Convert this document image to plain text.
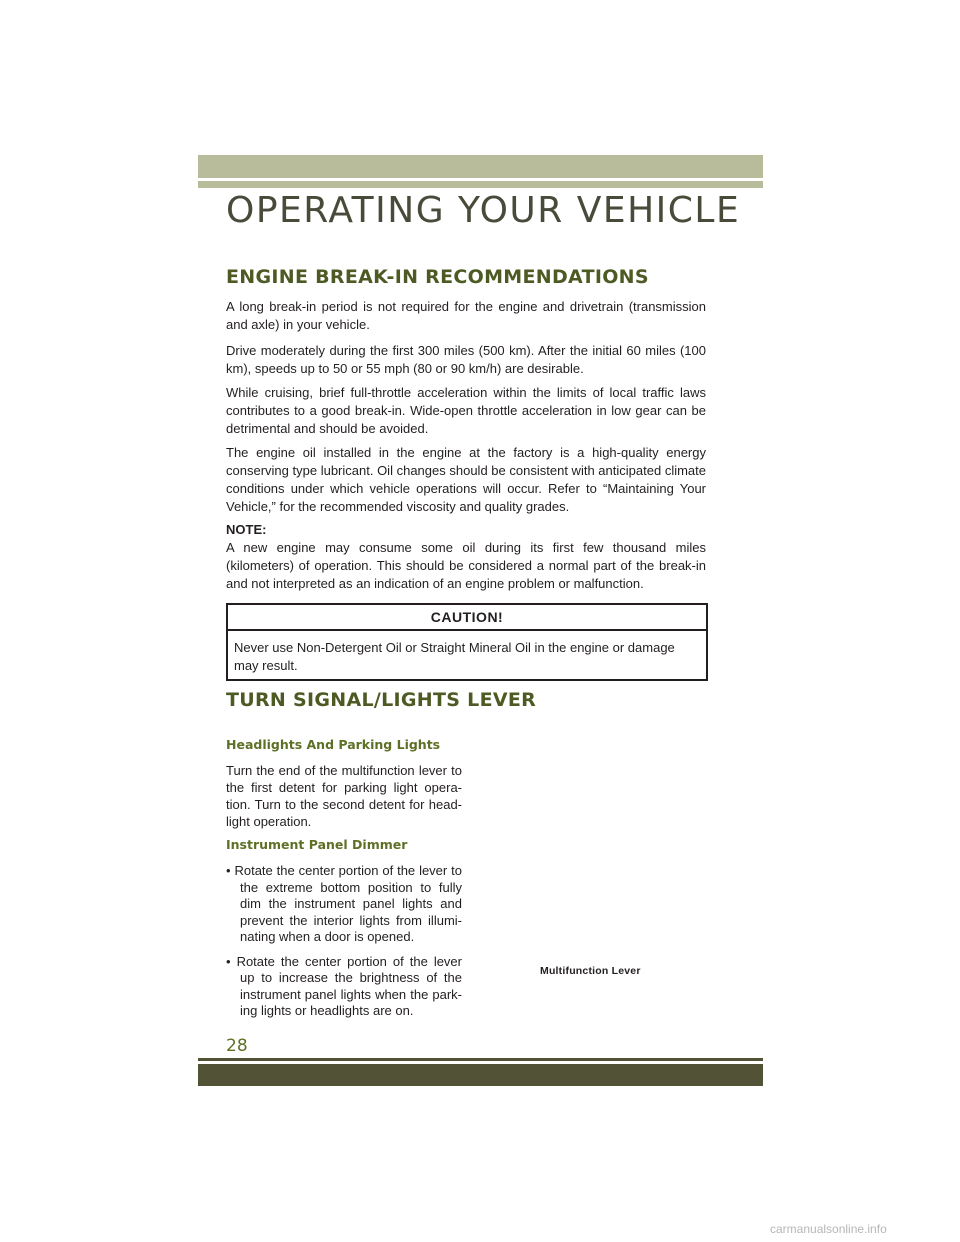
OPERATING YOUR VEHICLE
ENGINE BREAK-IN RECOMMENDATIONS

A long break-in period is not required for the engine and drivetrain (transmission and axle) in your vehicle.

Drive moderately during the first 300 miles (500 km). After the initial 60 miles (100 km), speeds up to 50 or 55 mph (80 or 90 km/h) are desirable.

While cruising, brief full-throttle acceleration within the limits of local traffic laws contributes to a good break-in. Wide-open throttle acceleration in low gear can be detrimental and should be avoided.

The engine oil installed in the engine at the factory is a high-quality energy conserving type lubricant. Oil changes should be consistent with anticipated climate conditions under which vehicle operations will occur. Refer to “Maintaining Your Vehicle,” for the recommended viscosity and quality grades.

NOTE:

A new engine may consume some oil during its first few thousand miles (kilometers) of operation. This should be considered a normal part of the break-in and not interpreted as an indication of an engine problem or malfunction.

CAUTION!
Never use Non-Detergent Oil or Straight Mineral Oil in the engine or damage may result.
TURN SIGNAL/LIGHTS LEVER
Headlights And Parking Lights

Turn the end of the multifunction lever to the first detent for parking light opera-tion. Turn to the second detent for head-light operation.

Instrument Panel Dimmer
• Rotate the center portion of the lever to the extreme bottom position to fully dim the instrument panel lights and prevent the interior lights from illumi-nating when a door is opened.
• Rotate the center portion of the lever up to increase the brightness of the instrument panel lights when the park-ing lights or headlights are on.
Multifunction Lever
28
carmanualsonline.info
